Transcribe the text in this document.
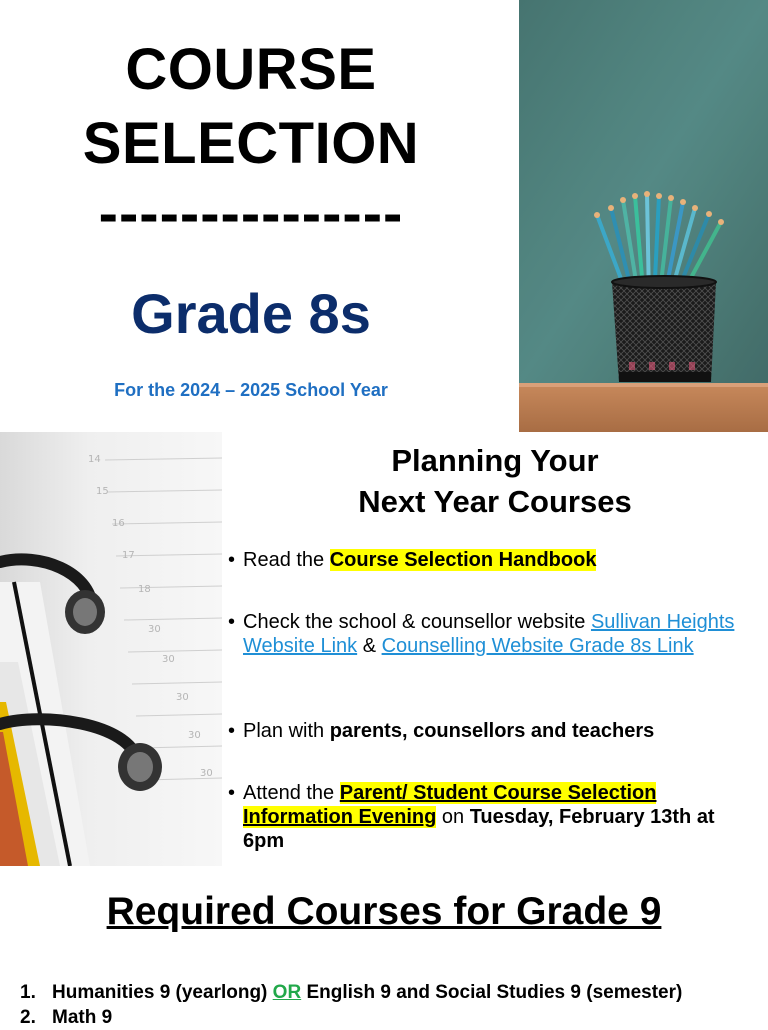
COURSE
SELECTION
---------------
Grade 8s
For the 2024 – 2025 School Year
14
15
16
17
18
30
30
30
30
30
Planning Your
Next Year Courses
• Read the Course Selection Handbook
• Check the school & counsellor website Sullivan Heights Website Link & Counselling Website Grade 8s Link
• Plan with parents, counsellors and teachers
• Attend the Parent/ Student Course Selection Information Evening on Tuesday, February 13th at 6pm
Required Courses for Grade 9
1. Humanities 9 (yearlong) OR English 9 and Social Studies 9 (semester)
2. Math 9
